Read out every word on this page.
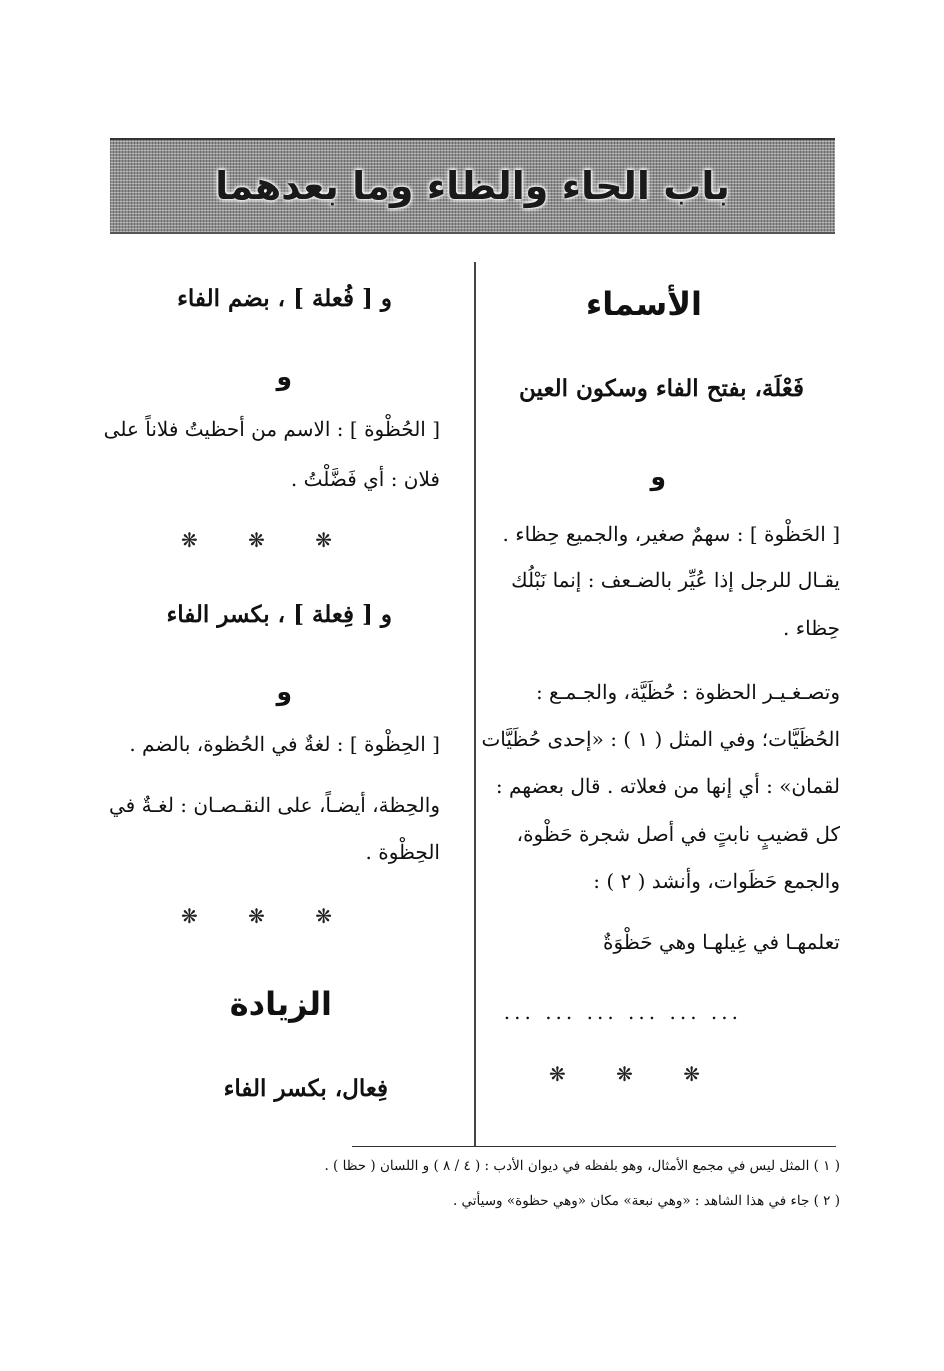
باب الحاء والظاء وما بعدهما
الأسماء
فَعْلَة، بفتح الفاء وسكون العين
و
[ الحَظْوة ] : سهمٌ صغير، والجميع حِظاء .
يقـال للرجل إذا عُيِّر بالضـعف : إنما نَبْلُك
حِظاء .
وتصـغـيـر الحظوة : حُظَيَّة، والجـمـع :
الحُظَيَّات؛ وفي المثل ( ١ ) : «إحدى حُظَيَّات
لقمان» : أي إنها من فعلاته . قال بعضهم :
كل قضيبٍ نابتٍ في أصل شجرة حَظْوة،
والجمع حَظَوات، وأنشد ( ٢ ) :
تعلمهـا في غِيلهـا وهي حَظْوَةٌ
... ... ... ... ... ...
❋ ❋ ❋
و [ فُعلة ] ، بضم الفاء
و
[ الحُظْوة ] : الاسم من أحظيتُ فلاناً على
فلان : أي فَضَّلْتُ .
❋ ❋ ❋
و [ فِعلة ] ، بكسر الفاء
و
[ الحِظْوة ] : لغةٌ في الحُظوة، بالضم .
والحِظة، أيضـاً، على النقـصـان : لغـةٌ في
الحِظْوة .
❋ ❋ ❋
الزيادة
فِعال، بكسر الفاء
( ١ ) المثل ليس في مجمع الأمثال، وهو بلفظه في ديوان الأدب : ( ٤ / ٨ ) و اللسان ( حظا ) .
( ٢ ) جاء في هذا الشاهد : «وهي نبعة» مكان «وهي حظوة» وسيأتي .
